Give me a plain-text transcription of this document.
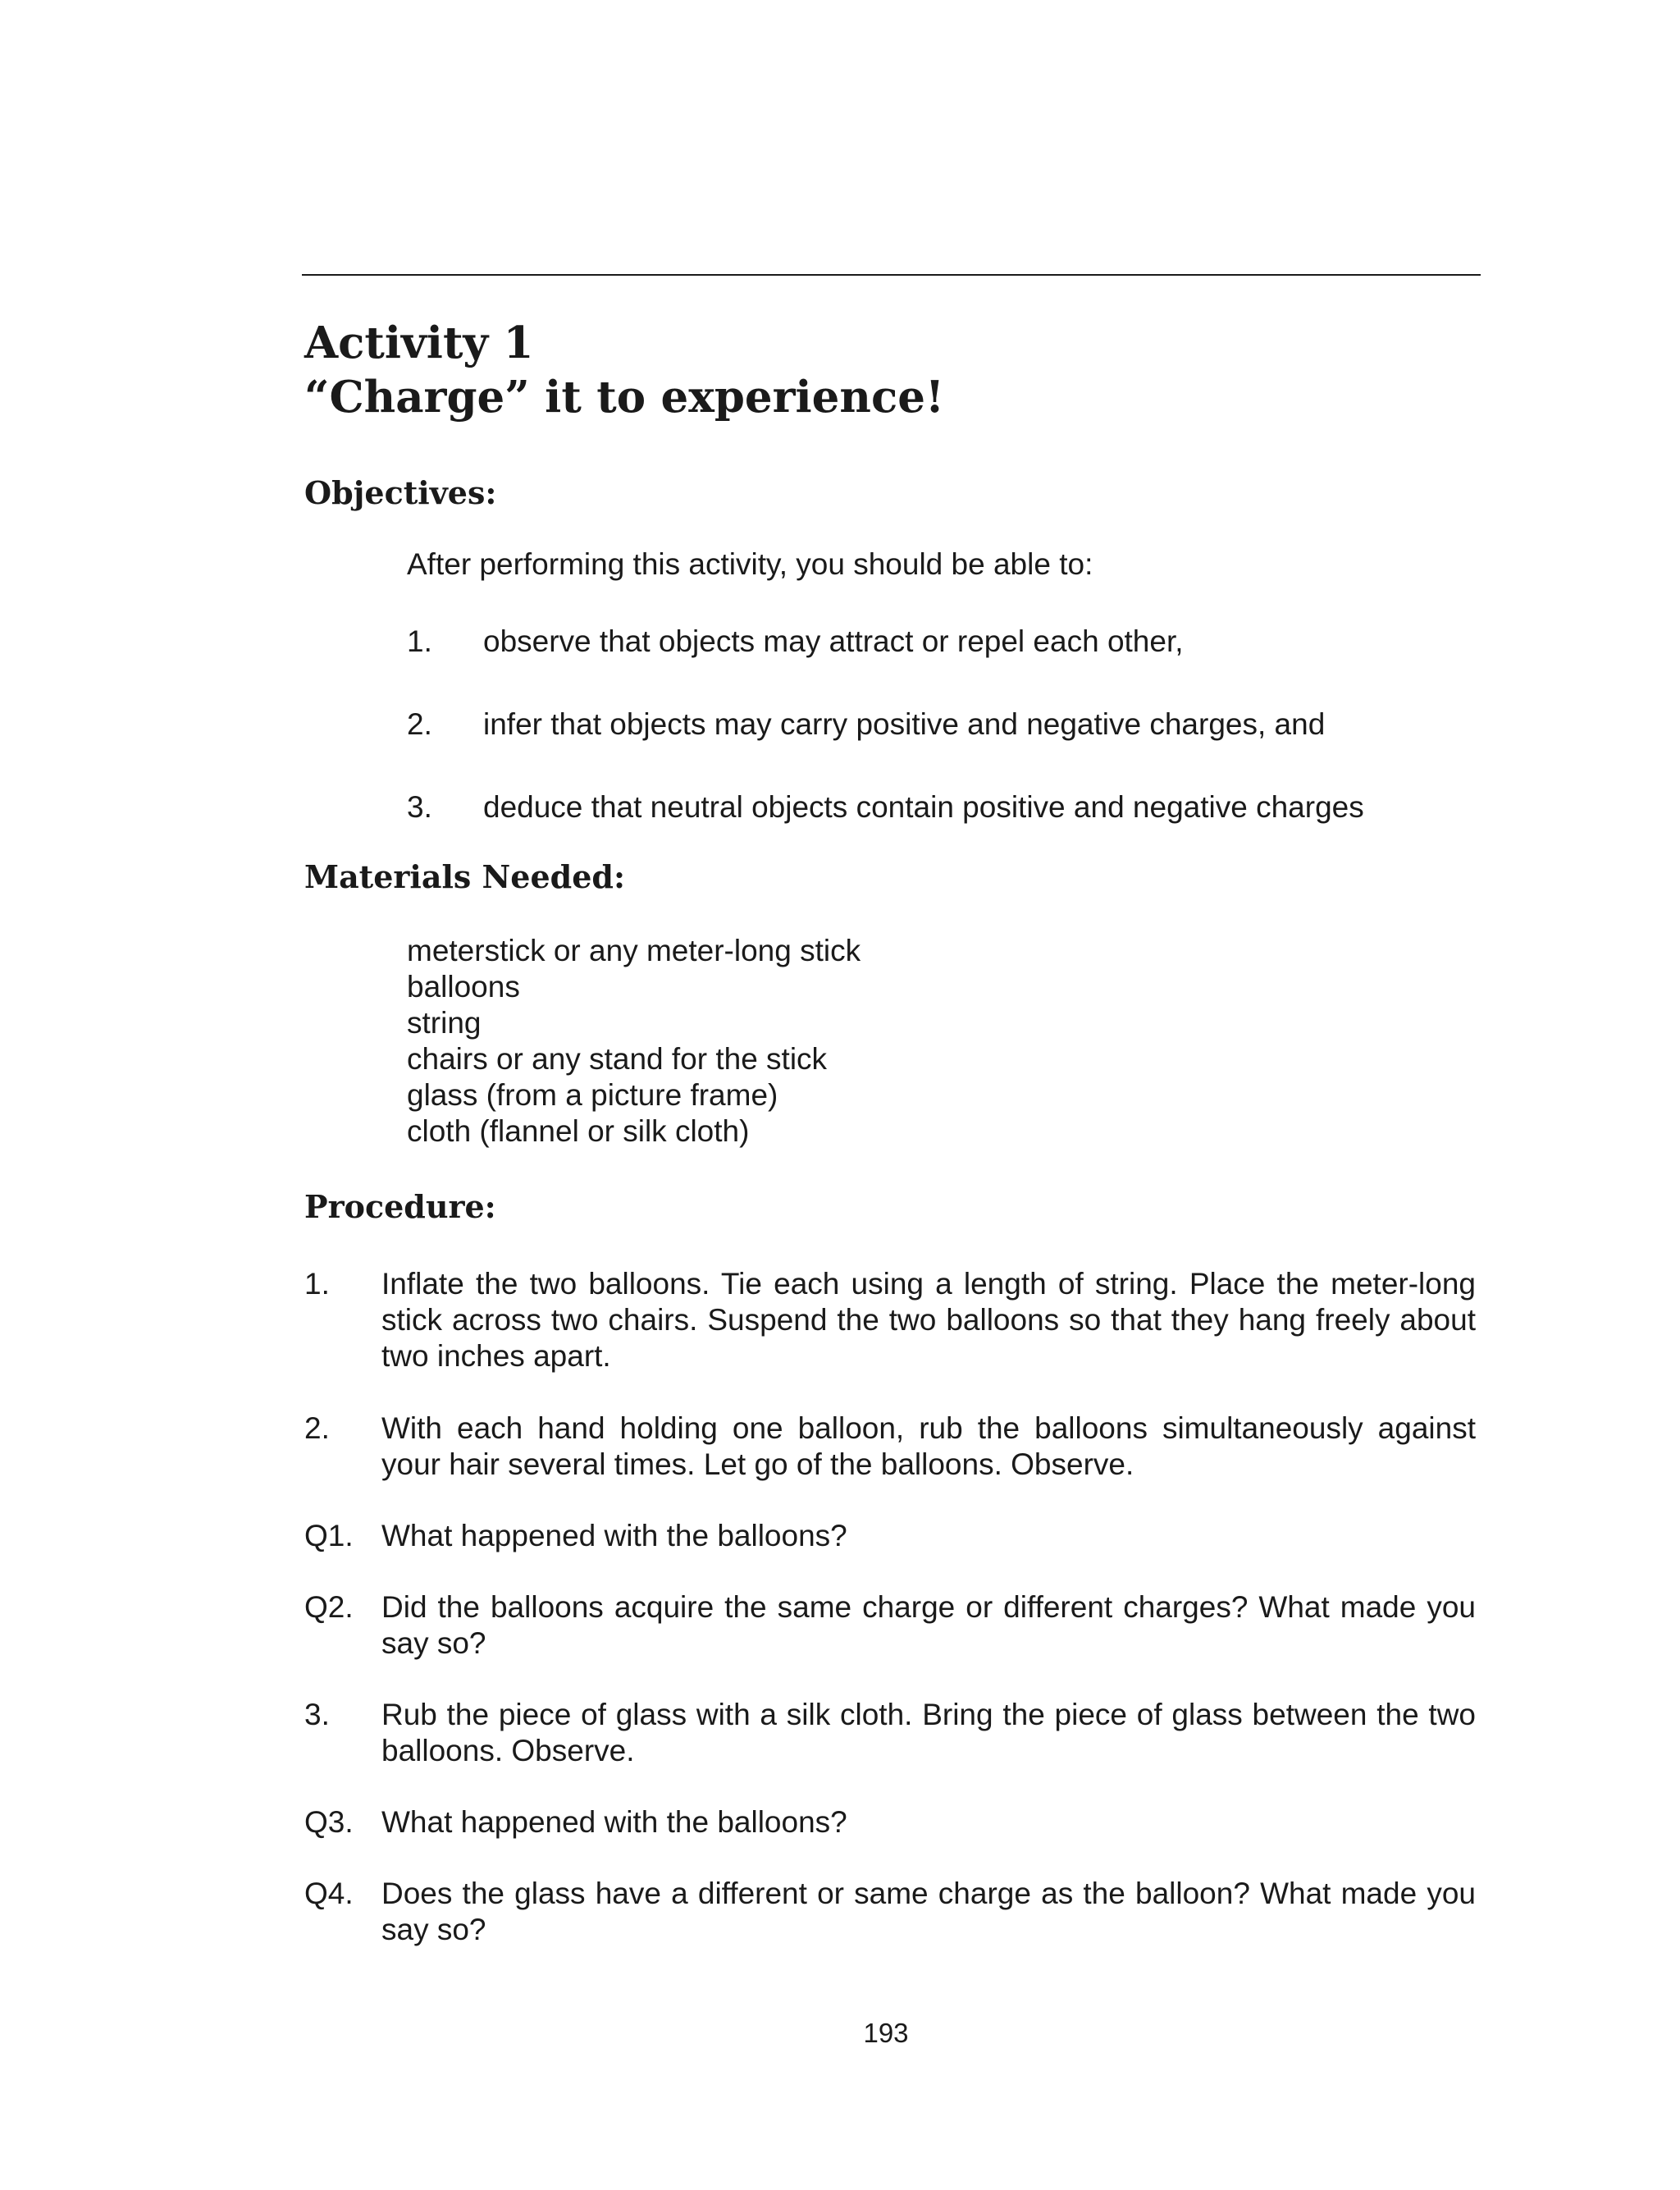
Activity 1
“Charge” it to experience!
Objectives:
After performing this activity, you should be able to:
1. observe that objects may attract or repel each other,
2. infer that objects may carry positive and negative charges, and
3. deduce that neutral objects contain positive and negative charges
Materials Needed:
meterstick or any meter-long stick
balloons
string
chairs or any stand for the stick
glass (from a picture frame)
cloth (flannel or silk cloth)
Procedure:
1.	Inflate the two balloons. Tie each using a length of string. Place the meter-long stick across two chairs. Suspend the two balloons so that they hang freely about two inches apart.
2.	With each hand holding one balloon, rub the balloons simultaneously against your hair several times. Let go of the balloons. Observe.
Q1. What happened with the balloons?
Q2. Did the balloons acquire the same charge or different charges? What made you say so?
3.	Rub the piece of glass with a silk cloth. Bring the piece of glass between the two balloons. Observe.
Q3. What happened with the balloons?
Q4. Does the glass have a different or same charge as the balloon? What made you say so?
193
